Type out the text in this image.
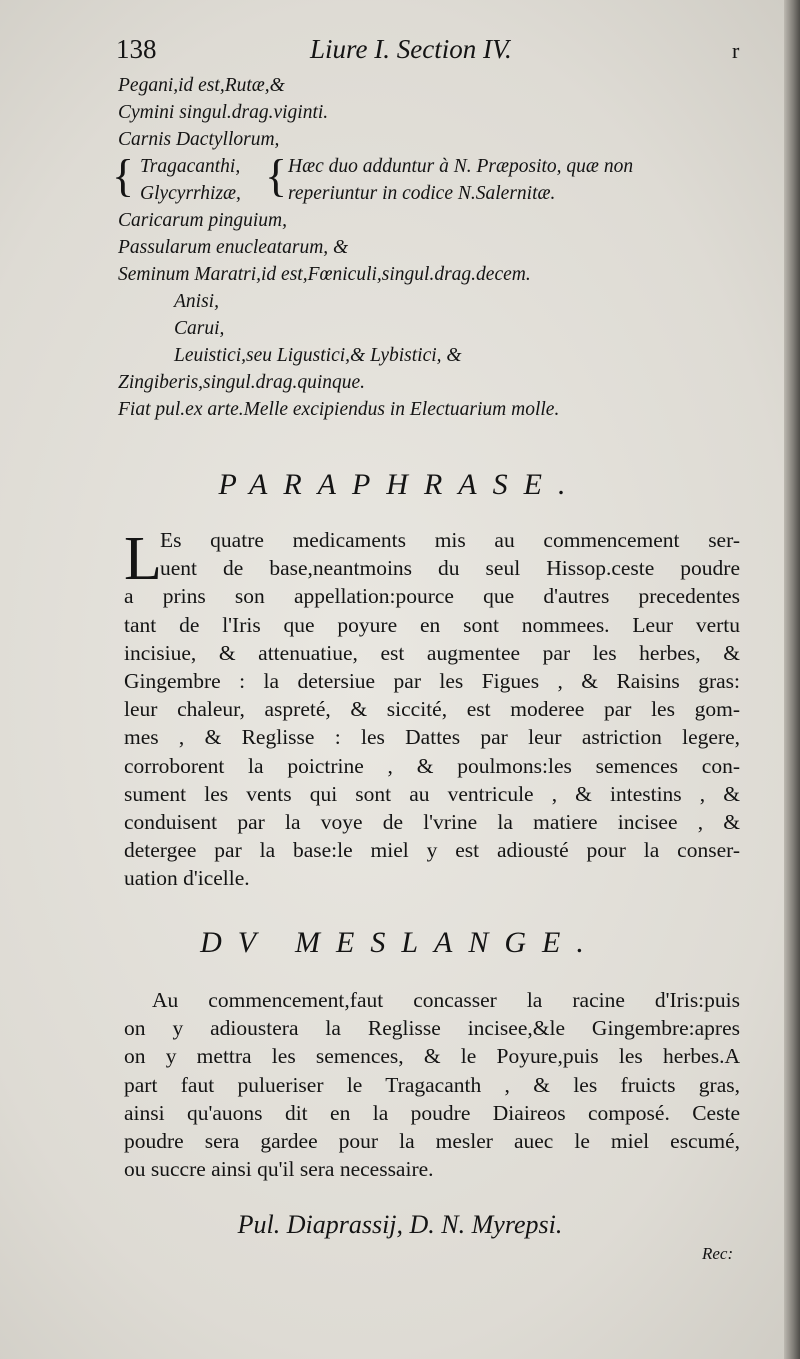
138	Liure I. Section IV.	r
Pegani,id est,Rutæ,&
Cymini singul.drag.viginti.
Carnis Dactyllorum,
{ Tragacanthi,
Glycyrrhizæ, { Hæc duo adduntur à N. Præposito, quæ non
reperiuntur in codice N.Salernitæ.
Caricarum pinguium,
Passularum enucleatarum, &
Seminum Maratri,id est,Fœniculi,singul.drag.decem.
Anisi,
Carui,
Leuistici,seu Ligustici,& Lybistici, &
Zingiberis,singul.drag.quinque.
Fiat pul.ex arte.Melle excipiendus in Electuarium molle.
PARAPHRASE.
L
Es quatre medicaments mis au commencement ser-
uent de base,neantmoins du seul Hissop.ceste poudre
a prins son appellation:pource que d'autres precedentes
tant de l'Iris que poyure en sont nommees. Leur vertu
incisiue, & attenuatiue, est augmentee par les herbes, &
Gingembre : la detersiue par les Figues , & Raisins gras:
leur chaleur, aspreté, & siccité, est moderee par les gom-
mes , & Reglisse : les Dattes par leur astriction legere,
corroborent la poictrine , & poulmons:les semences con-
sument les vents qui sont au ventricule , & intestins , &
conduisent par la voye de l'vrine la matiere incisee , &
detergee par la base:le miel y est adiousté pour la conser-
uation d'icelle.
DV MESLANGE.
Au commencement,faut concasser la racine d'Iris:puis
on y adioustera la Reglisse incisee,&le Gingembre:apres
on y mettra les semences, & le Poyure,puis les herbes.A
part faut pulueriser le Tragacanth , & les fruicts gras,
ainsi qu'auons dit en la poudre Diaireos composé. Ceste
poudre sera gardee pour la mesler auec le miel escumé,
ou succre ainsi qu'il sera necessaire.
Pul. Diaprassij, D. N. Myrepsi.
Rec:
